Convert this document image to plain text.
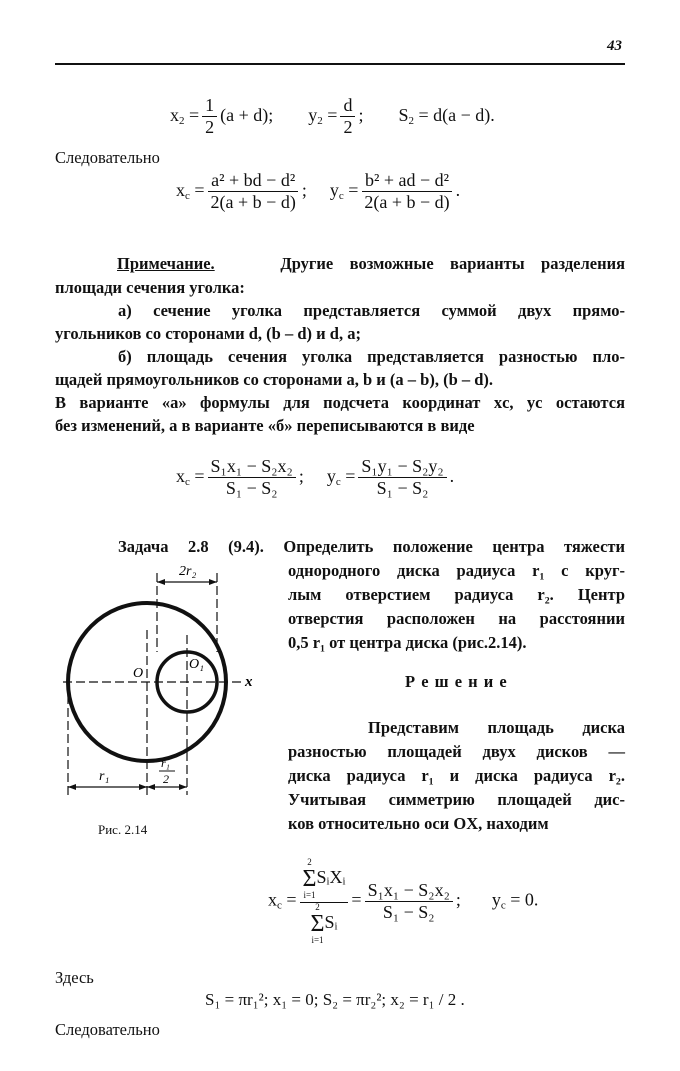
43
$x_2 = \frac{1}{2} (a + d)$; $y_2 = \frac{d}{2}$ ; $S_2 = d(a - d)$.
Следовательно
$x_c = \frac{\text{a² + bd − d²}}{2(a + b - d)}$ ;  $y_c = \frac{\text{b² + ad − d²}}{2(a + b - d)}$ .
Примечание.	Другие возможные варианты разделения
площади сечения уголка:
а) сечение уголка представляется суммой двух прямо-
угольников со сторонами d, (b – d) и d, a;
б) площадь сечения уголка представляется разностью пло-
щадей прямоугольников со сторонами a, b и (a – b), (b – d).
В варианте «а» формулы для подсчета координат xc, yc остаются
без изменений, а в варианте «б» переписываются в виде
$x_c = \frac{\text{S₁x₁ − S₂x₂}}{\text{S₁ − S₂}}$ ;  $y_c = \frac{\text{S₁y₁ − S₂y₂}}{\text{S₁ − S₂}}$ .
Задача 2.8 (9.4). Определить положение центра тяжести
однородного диска радиуса r₁ с круг-
лым отверстием радиуса r₂. Центр
отверстия расположен на расстоянии
0,5 r₁ от центра диска (рис.2.14).
Р е ш е н и е
Представим площадь диска
разностью площадей двух дисков —
диска радиуса r₁ и диска радиуса r₂.
Учитывая симметрию площадей дис-
ков относительно оси OX, находим
2r₂
r₁
r₁
2
O
O₁
x
Рис. 2.14
$x_c = 2$
Σ
i=1
SᵢXᵢ
2
Σ
i=1
Sᵢ = $\frac{\text{S₁x₁ − S₂x₂}}{\text{S₁ − S₂}}$ ;  $y_c = 0$.
Здесь
S₁ = πr₁²; x₁ = 0; S₂ = πr₂²; x₂ = r₁ / 2 .
Следовательно
